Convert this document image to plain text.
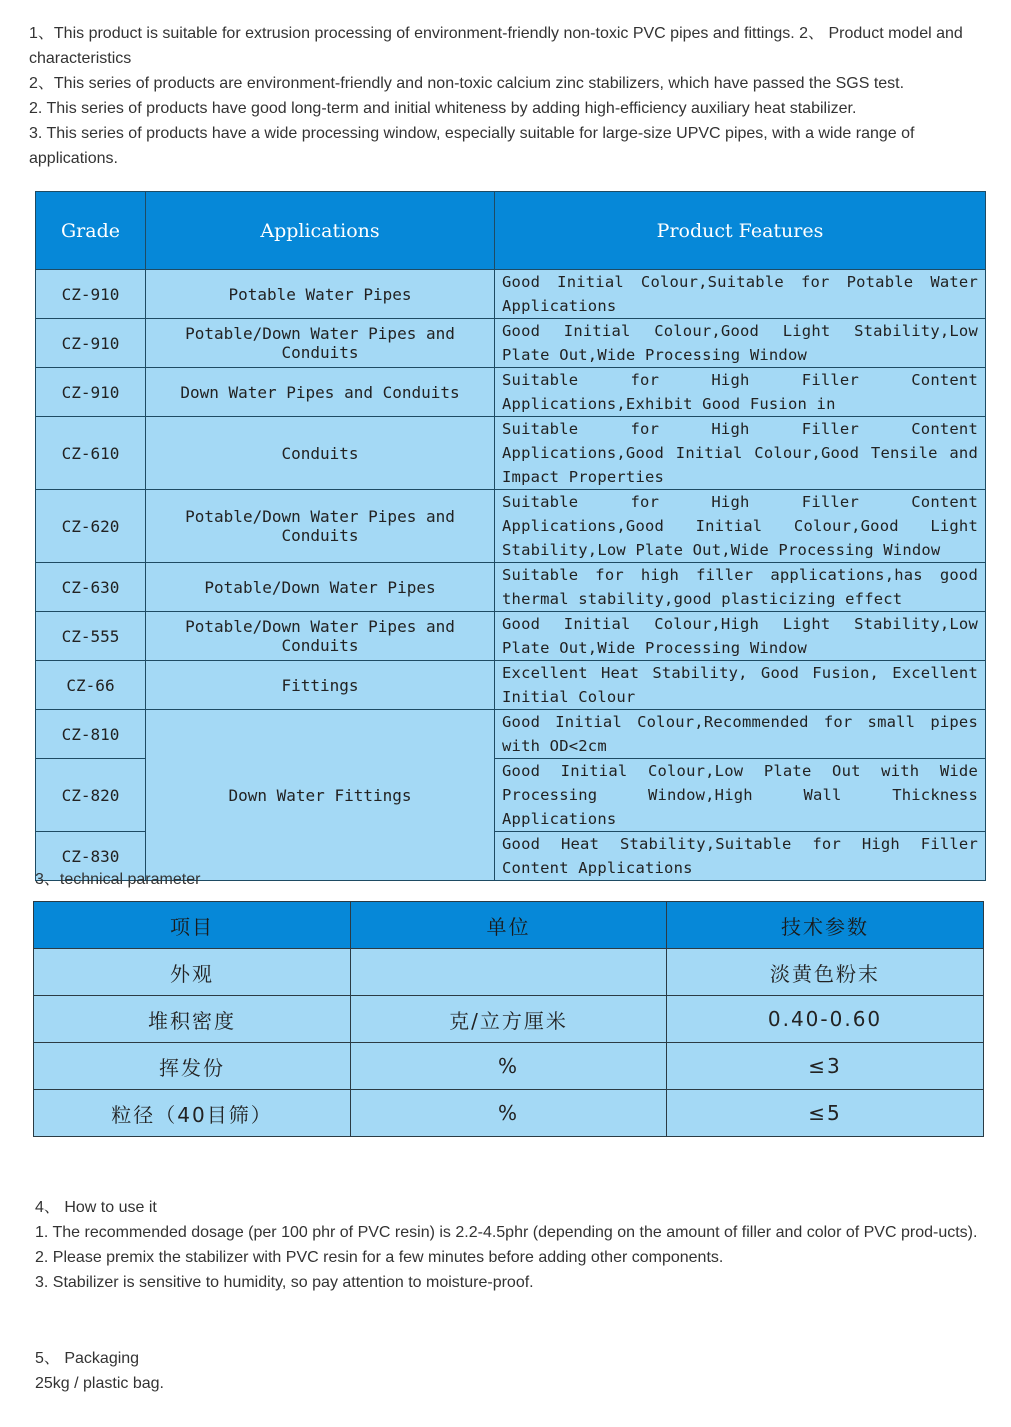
1、This product is suitable for extrusion processing of environment-friendly non-toxic PVC pipes and fittings. 2、 Product model and characteristics

2、This series of products are environment-friendly and non-toxic calcium zinc stabilizers, which have passed the SGS test.

2. This series of products have good long-term and initial whiteness by adding high-efficiency auxiliary heat stabilizer.

3. This series of products have a wide processing window, especially suitable for large-size UPVC pipes, with a wide range of applications.

Grade	Applications	Product Features
CZ-910	Potable Water Pipes	Good Initial Colour,Suitable for Potable Water Applications
CZ-910	Potable/Down Water Pipes and Conduits	Good Initial Colour,Good Light Stability,Low Plate Out,Wide Processing Window
CZ-910	Down Water Pipes and Conduits	Suitable for High Filler Content Applications,Exhibit Good Fusion in
CZ-610	Conduits	Suitable for High Filler Content Applications,Good Initial Colour,Good Tensile and Impact Properties
CZ-620	Potable/Down Water Pipes and Conduits	Suitable for High Filler Content Applications,Good Initial Colour,Good Light Stability,Low Plate Out,Wide Processing Window
CZ-630	Potable/Down Water Pipes	Suitable for high filler applications,has good thermal stability,good plasticizing effect
CZ-555	Potable/Down Water Pipes and Conduits	Good Initial Colour,High Light Stability,Low Plate Out,Wide Processing Window
CZ-66	Fittings	Excellent Heat Stability, Good Fusion, Excellent Initial Colour
CZ-810	Down Water Fittings	Good Initial Colour,Recommended for small pipes with OD<2cm
CZ-820		Good Initial Colour,Low Plate Out with Wide Processing Window,High Wall Thickness Applications
CZ-830		Good Heat Stability,Suitable for High Filler Content Applications
3、technical parameter
项目	单位	技术参数
外观		淡黄色粉末
堆积密度	克/立方厘米	0.40-0.60
挥发份	%	≤3
粒径（40目筛）	%	≤5

4、 How to use it

1. The recommended dosage (per 100 phr of PVC resin) is 2.2-4.5phr (depending on the amount of filler and color of PVC prod-ucts).

2. Please premix the stabilizer with PVC resin for a few minutes before adding other components.

3. Stabilizer is sensitive to humidity, so pay attention to moisture-proof.

5、 Packaging

25kg / plastic bag.
